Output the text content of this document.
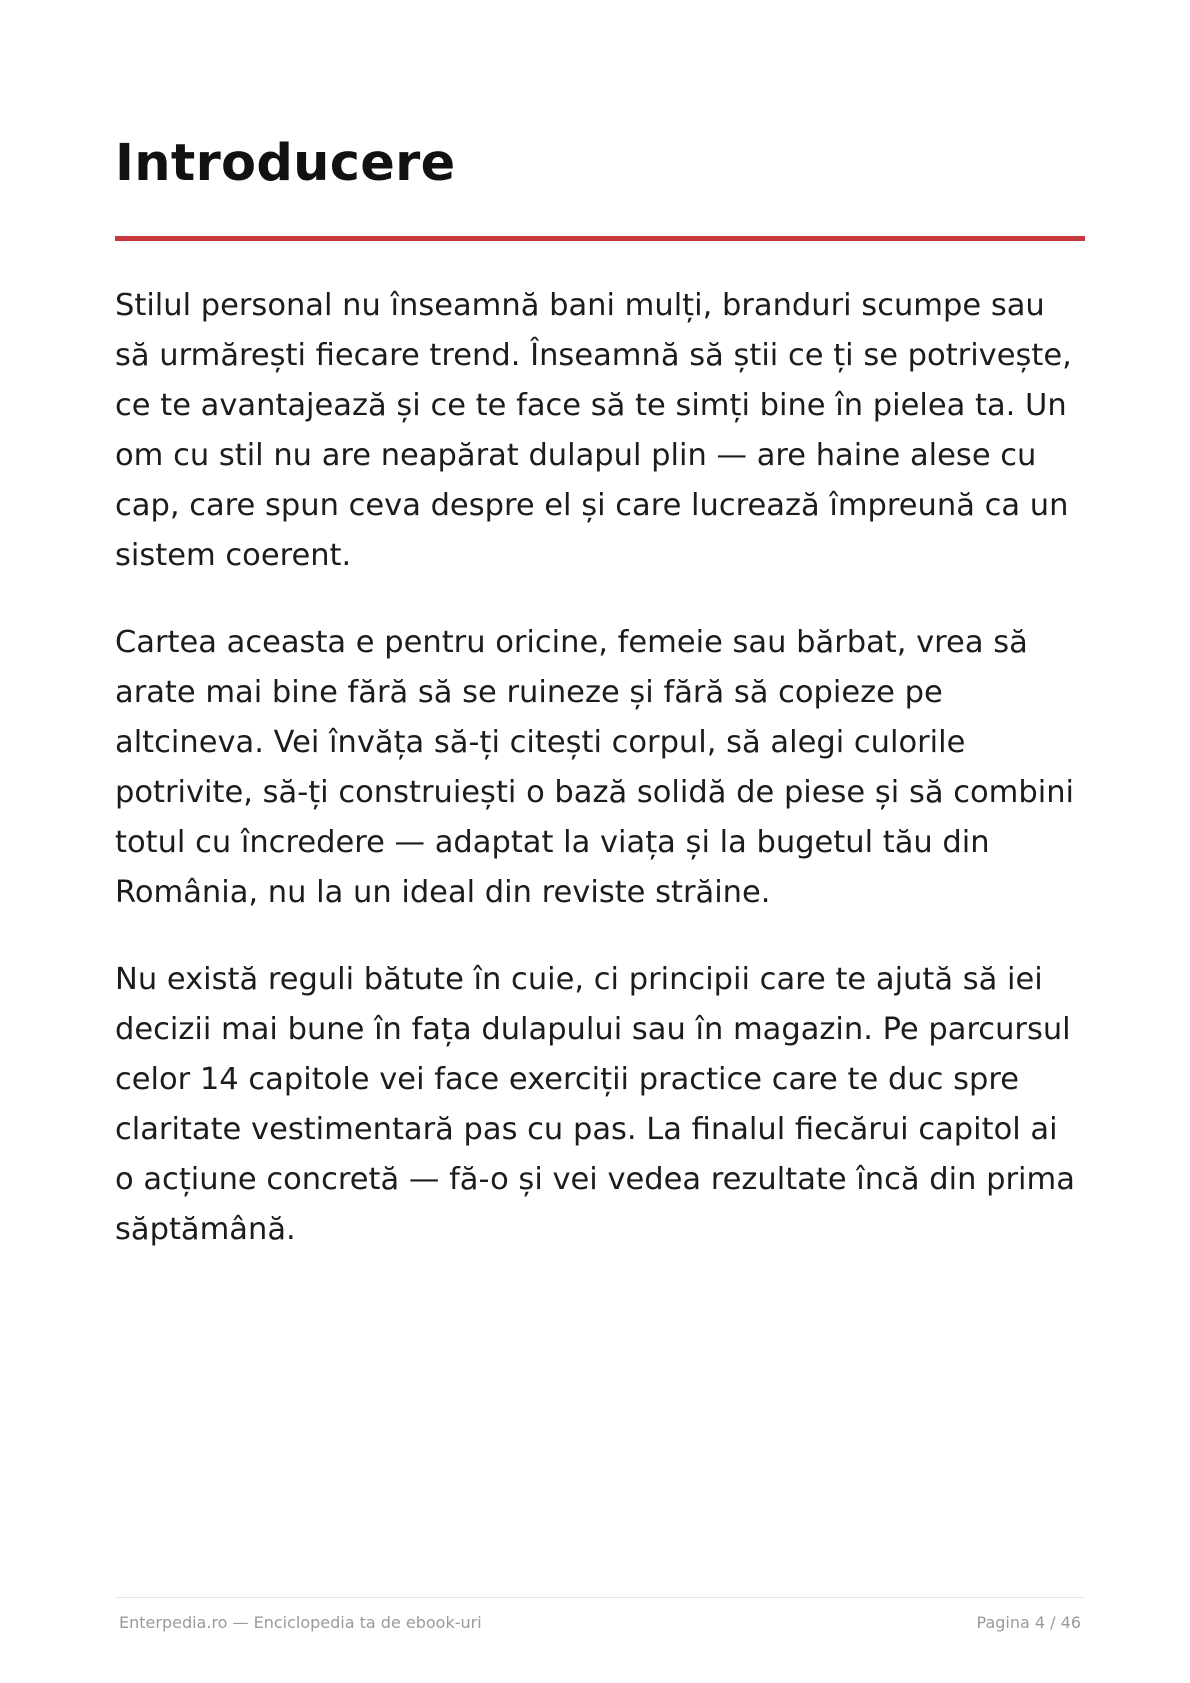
Introducere

Stilul personal nu înseamnă bani mulți, branduri scumpe sau să urmărești fiecare trend. Înseamnă să știi ce ți se potrivește, ce te avantajează și ce te face să te simți bine în pielea ta. Un om cu stil nu are neapărat dulapul plin — are haine alese cu cap, care spun ceva despre el și care lucrează împreună ca un sistem coerent.

Cartea aceasta e pentru oricine, femeie sau bărbat, vrea să arate mai bine fără să se ruineze și fără să copieze pe altcineva. Vei învăța să-ți citești corpul, să alegi culorile potrivite, să-ți construiești o bază solidă de piese și să combini totul cu încredere — adaptat la viața și la bugetul tău din România, nu la un ideal din reviste străine.

Nu există reguli bătute în cuie, ci principii care te ajută să iei decizii mai bune în fața dulapului sau în magazin. Pe parcursul celor 14 capitole vei face exerciții practice care te duc spre claritate vestimentară pas cu pas. La finalul fiecărui capitol ai o acțiune concretă — fă-o și vei vedea rezultate încă din prima săptămână.

Enterpedia.ro — Enciclopedia ta de ebook-uri	Pagina 4 / 46
